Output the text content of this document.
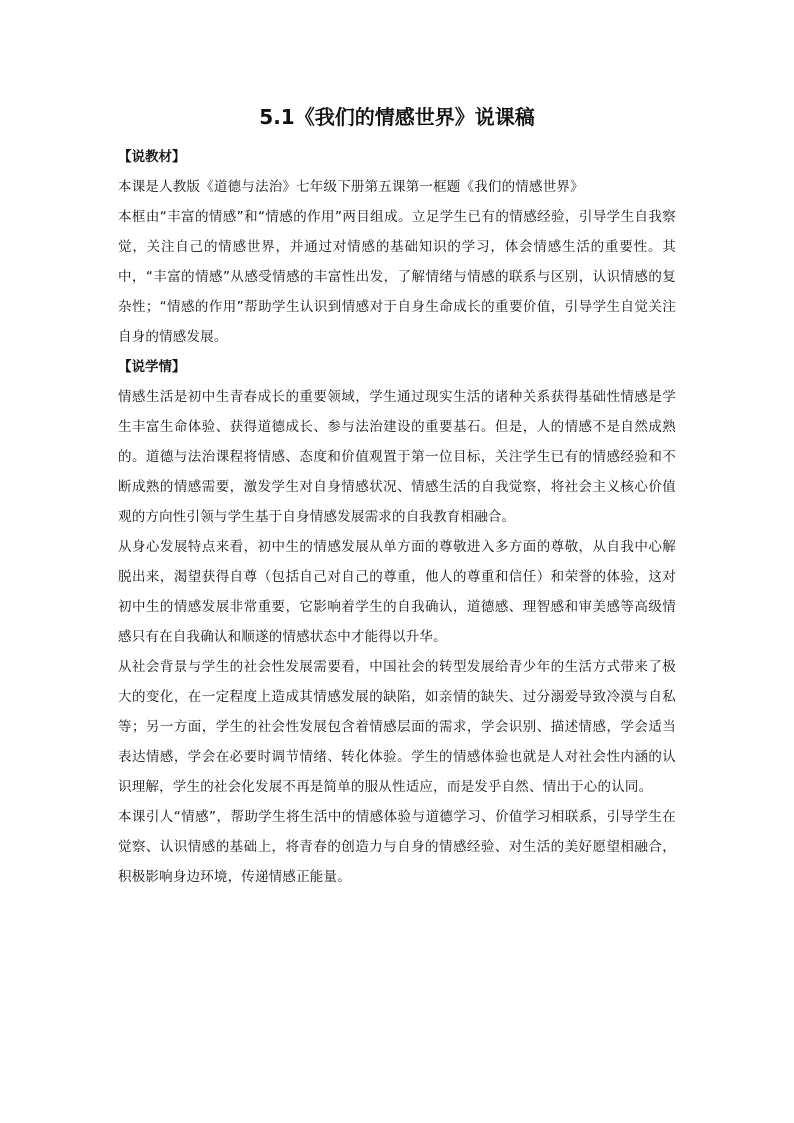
5.1《我们的情感世界》说课稿

【说教材】

本课是人教版《道德与法治》七年级下册第五课第一框题《我们的情感世界》

本框由“丰富的情感”和“情感的作用”两目组成。立足学生已有的情感经验，引导学生自我察觉，关注自己的情感世界，并通过对情感的基础知识的学习，体会情感生活的重要性。其中，“丰富的情感”从感受情感的丰富性出发，了解情绪与情感的联系与区别，认识情感的复杂性；“情感的作用”帮助学生认识到情感对于自身生命成长的重要价值，引导学生自觉关注自身的情感发展。

【说学情】

情感生活是初中生青春成长的重要领域，学生通过现实生活的诸种关系获得基础性情感是学生丰富生命体验、获得道德成长、参与法治建设的重要基石。但是，人的情感不是自然成熟的。道德与法治课程将情感、态度和价值观置于第一位目标，关注学生已有的情感经验和不断成熟的情感需要，激发学生对自身情感状况、情感生活的自我觉察，将社会主义核心价值观的方向性引领与学生基于自身情感发展需求的自我教育相融合。

从身心发展特点来看，初中生的情感发展从单方面的尊敬进入多方面的尊敬，从自我中心解脱出来，渴望获得自尊（包括自己对自己的尊重，他人的尊重和信任）和荣誉的体验，这对初中生的情感发展非常重要，它影响着学生的自我确认，道德感、理智感和审美感等高级情感只有在自我确认和顺遂的情感状态中才能得以升华。

从社会背景与学生的社会性发展需要看，中国社会的转型发展给青少年的生活方式带来了极大的变化，在一定程度上造成其情感发展的缺陷，如亲情的缺失、过分溺爱导致冷漠与自私等；另一方面，学生的社会性发展包含着情感层面的需求，学会识别、描述情感，学会适当表达情感，学会在必要时调节情绪、转化体验。学生的情感体验也就是人对社会性内涵的认识理解，学生的社会化发展不再是简单的服从性适应，而是发乎自然、情出于心的认同。

本课引人“情感”，帮助学生将生活中的情感体验与道德学习、价值学习相联系，引导学生在觉察、认识情感的基础上，将青春的创造力与自身的情感经验、对生活的美好愿望相融合，积极影响身边环境，传递情感正能量。
